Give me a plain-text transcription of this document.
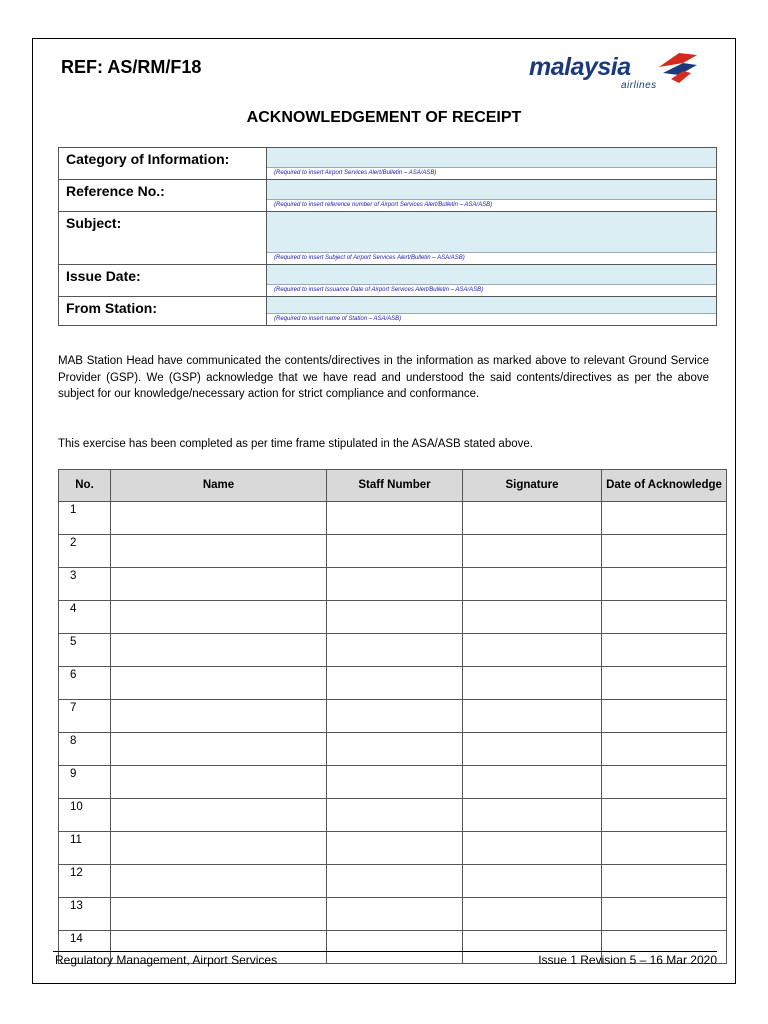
REF: AS/RM/F18	malaysia
airlines
ACKNOWLEDGEMENT OF RECEIPT
Category of Information:	(Required to insert Airport Services Alert/Bulletin – ASA/ASB)

Reference No.:	(Required to insert reference number of Airport Services Alert/Bulletin – ASA/ASB)

Subject:	(Required to insert Subject of Airport Services Alert/Bulletin – ASA/ASB)

Issue Date:	(Required to insert Issuance Date of Airport Services Alert/Bulletin – ASA/ASB)

From Station:	(Required to insert name of Station – ASA/ASB)
MAB Station Head have communicated the contents/directives in the information as marked above to relevant Ground Service Provider (GSP). We (GSP) acknowledge that we have read and understood the said contents/directives as per the above subject for our knowledge/necessary action for strict compliance and conformance.
This exercise has been completed as per time frame stipulated in the ASA/ASB stated above.
No.	Name	Staff Number	Signature	Date of Acknowledge
1				
2				
3				
4				
5				
6				
7				
8				
9				
10				
11				
12				
13				
14				
Regulatory Management, Airport Services	Issue 1 Revision 5 – 16 Mar 2020
